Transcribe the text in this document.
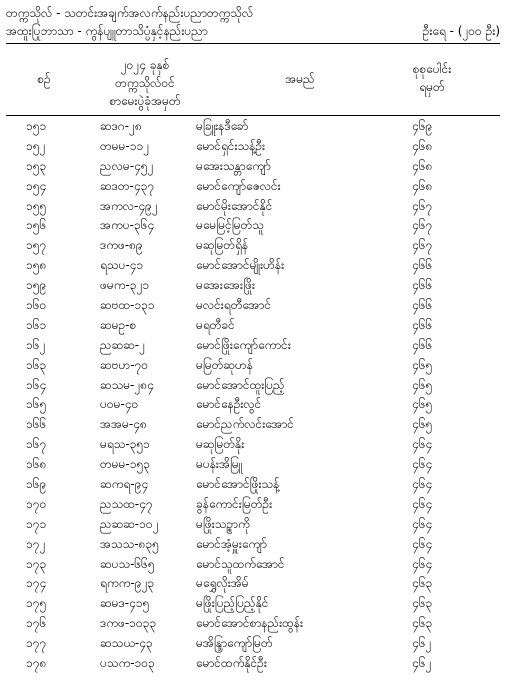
တက္ကသိုလ် - သတင်းအချက်အလက်နည်းပညာတက္ကသိုလ်
အထူးပြုဘာသာ - ကွန်ပျူတာသိပ္ပံနှင့်နည်းပညာ	ဦးရေ - (၂၀၀ ဦး)
စဉ်
၂၀၂၄ ခုနှစ်
တက္ကသိုလ်ဝင်
စာမေးပွဲခုံအမှတ်
အမည်
စုစုပေါင်း
ရမှတ်
၁၅၁	ဆဒဂ-၂၈	မခြူးနဒီခော်	၄၆၉
၁၅၂	တမမ-၁၁၂	မောင်ရှင်းသန့်ဦး	၄၆၈
၁၅၃	ညလမ-၄၅၂	မအေးသန္တာကျော်	၄၆၈
၁၅၄	ဆဒတ-၄၃၇	မောင်ကျော်ဇေလင်း	၄၆၈
၁၅၅	အကလ-၄၉၂	မောင်မိုးအောင်နိုင်	၄၆၇
၁၅၆	အကပ-၃၆၄	မမေမြင့်မြတ်သူ	၄၆၇
၁၅၇	ဒကဖ-၈၉	မဆုမြတ်ရှိန်	၄၆၇
၁၅၈	ရသပ-၄၁	မောင်အောင်မျိုးဟိန်း	၄၆၆
၁၅၉	ဖမက-၃၂၁	မအေးအေးဖြိုး	၄၆၆
၁၆၀	ဆဗထ-၁၃၁	မလင်းရတီအောင်	၄၆၆
၁၆၁	ဆမဥ-စ	မရတီခင်	၄၆၆
၁၆၂	ညဆဆ-၂	မောင်ဖြိုးကျော်ကောင်း	၄၆၆
၁၆၃	ဆဗဟ-၇၀	မမြတ်ဆုဟန်	၄၆၅
၁၆၄	ဆသမ-၂၈၄	မောင်အောင်ထူးပြည့်	၄၆၅
၁၆၅	ပဝမ-၄၀	မောင်နေဦးလွင်	၄၆၅
၁၆၆	အအမ-၄၈	မောင်ညက်လင်းအောင်	၄၆၅
၁၆၇	မရသ-၃၅၁	မဆုမြတ်နိုး	၄၆၄
၁၆၈	တမမ-၁၅၃	မပန်းအိမြူ	၄၆၄
၁၆၉	ဆကရ-၉၄	မောင်အောင်ဖြိုးသန့်	၄၆၄
၁၇၀	ညသထ-၄၇	ခွန်ကောင်းမြတ်ဦး	၄၆၄
၁၇၁	ညဆဆ-၁၀၂	မဖြိုးသဥ္စာကို	၄၆၄
၁၇၂	အသသ-၈၃၅	မောင်အံ့မှူးကျော်	၄၆၄
၁၇၃	ဆပသ-၆၆၅	မောင်သူထက်အောင်	၄၆၄
၁၇၄	ရကက-၉၂၃	မရွှေလိုးအိမ်	၄၆၃
၁၇၅	ဆမဒ-၄၁၅	မဖြိုးပြည့်ပြည့်နိုင်	၄၆၃
၁၇၆	ဒကဖ-၁၀၃၃	မောင်အောင်စာနည်းထွန်း	၄၆၃
၁၇၇	ဆသယ-၄၃	မအိန္ဒြာကျော်မြတ်	၄၆၂
၁၇၈	ပသက-၁၀၃	မောင်ထက်နိုင်ဦး	၄၆၂
